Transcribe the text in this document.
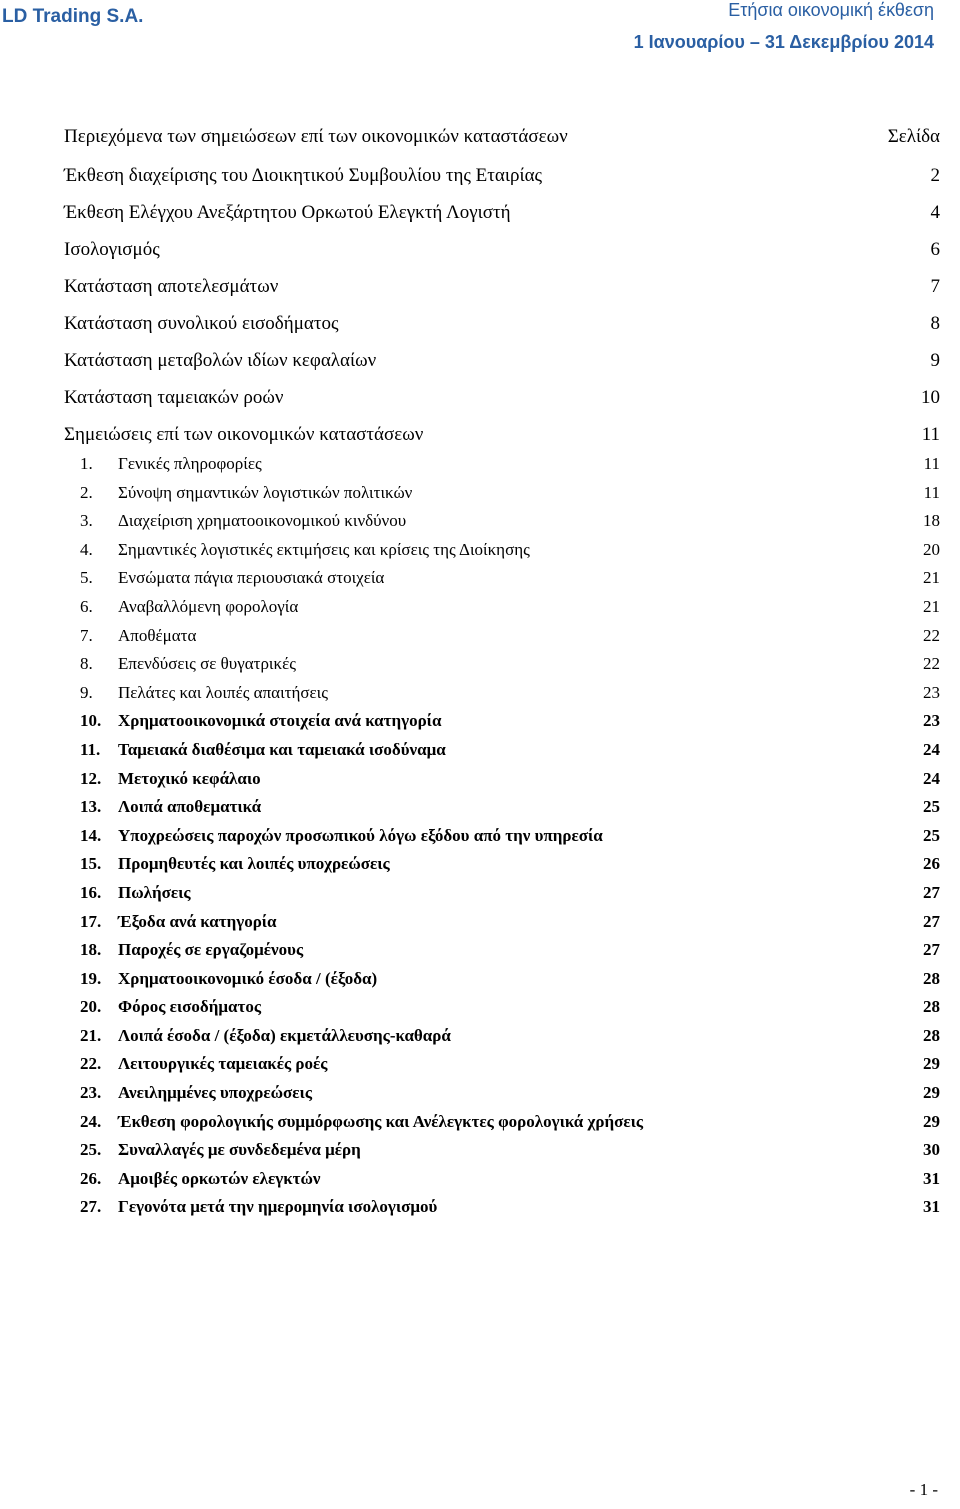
LD Trading S.A.	Ετήσια οικονομική έκθεση
1 Ιανουαρίου – 31 Δεκεμβρίου 2014
Περιεχόμενα των σημειώσεων επί των οικονομικών καταστάσεων	Σελίδα
Έκθεση διαχείρισης του Διοικητικού Συμβουλίου της Εταιρίας	2
Έκθεση Ελέγχου Ανεξάρτητου Ορκωτού Ελεγκτή Λογιστή	4
Ισολογισμός	6
Κατάσταση αποτελεσμάτων	7
Κατάσταση συνολικού εισοδήματος	8
Κατάσταση μεταβολών ιδίων κεφαλαίων	9
Κατάσταση ταμειακών ροών	10
Σημειώσεις επί των οικονομικών καταστάσεων	11
1.	Γενικές πληροφορίες	11
2.	Σύνοψη σημαντικών λογιστικών πολιτικών	11
3.	Διαχείριση χρηματοοικονομικού κινδύνου	18
4.	Σημαντικές λογιστικές εκτιμήσεις και κρίσεις της Διοίκησης	20
5.	Ενσώματα πάγια περιουσιακά στοιχεία	21
6.	Αναβαλλόμενη φορολογία	21
7.	Αποθέματα	22
8.	Επενδύσεις σε θυγατρικές	22
9.	Πελάτες και λοιπές απαιτήσεις	23
10. Χρηματοοικονομικά στοιχεία ανά κατηγορία	23
11.	Ταμειακά διαθέσιμα και ταμειακά ισοδύναμα	24
12. Μετοχικό κεφάλαιο	24
13. Λοιπά αποθεματικά	25
14. Υποχρεώσεις παροχών προσωπικού λόγω εξόδου από την υπηρεσία	25
15. Προμηθευτές και λοιπές υποχρεώσεις	26
16. Πωλήσεις	27
17. Έξοδα ανά κατηγορία	27
18. Παροχές σε εργαζομένους	27
19. Χρηματοοικονομικό έσοδα / (έξοδα)	28
20. Φόρος εισοδήματος	28
21. Λοιπά έσοδα / (έξοδα) εκμετάλλευσης-καθαρά	28
22. Λειτουργικές ταμειακές ροές	29
23. Ανειλημμένες υποχρεώσεις	29
24. Έκθεση φορολογικής συμμόρφωσης και Ανέλεγκτες φορολογικά χρήσεις	29
25. Συναλλαγές με συνδεδεμένα μέρη	30
26. Αμοιβές ορκωτών ελεγκτών	31
27. Γεγονότα μετά την ημερομηνία ισολογισμού	31
- 1 -
